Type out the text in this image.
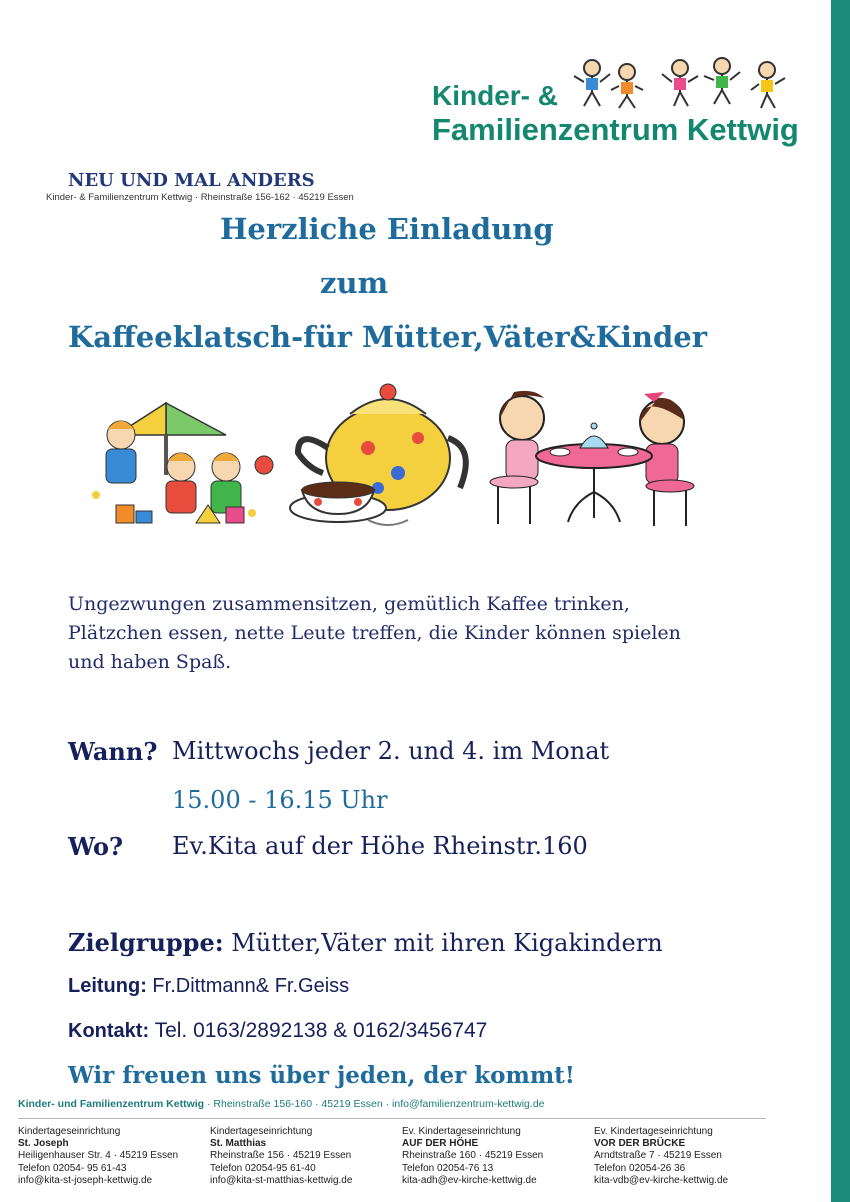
Kinder- &
Familienzentrum Kettwig
NEU UND MAL ANDERS
Kinder- & Familienzentrum Kettwig · Rheinstraße 156-162 · 45219 Essen
Herzliche Einladung
zum
Kaffeeklatsch-für Mütter,Väter&Kinder
Ungezwungen zusammensitzen, gemütlich Kaffee trinken, Plätzchen essen, nette Leute treffen, die Kinder können spielen und haben Spaß.
Wann? Mittwochs jeder 2. und 4. im Monat
15.00 - 16.15 Uhr
Wo? Ev.Kita auf der Höhe Rheinstr.160
Zielgruppe: Mütter,Väter mit ihren Kigakindern
Leitung: Fr.Dittmann& Fr.Geiss
Kontakt: Tel. 0163/2892138 & 0162/3456747
Wir freuen uns über jeden, der kommt!
Kinder- und Familienzentrum Kettwig · Rheinstraße 156-160 · 45219 Essen · info@familienzentrum-kettwig.de
Kindertageseinrichtung
St. Joseph
Heiligenhauser Str. 4 · 45219 Essen
Telefon 02054- 95 61-43
info@kita-st-joseph-kettwig.de
Kindertageseinrichtung
St. Matthias
Rheinstraße 156 · 45219 Essen
Telefon 02054-95 61-40
info@kita-st-matthias-kettwig.de
Ev. Kindertageseinrichtung
AUF DER HÖHE
Rheinstraße 160 · 45219 Essen
Telefon 02054-76 13
kita-adh@ev-kirche-kettwig.de
Ev. Kindertageseinrichtung
VOR DER BRÜCKE
Arndtstraße 7 · 45219 Essen
Telefon 02054-26 36
kita-vdb@ev-kirche-kettwig.de
